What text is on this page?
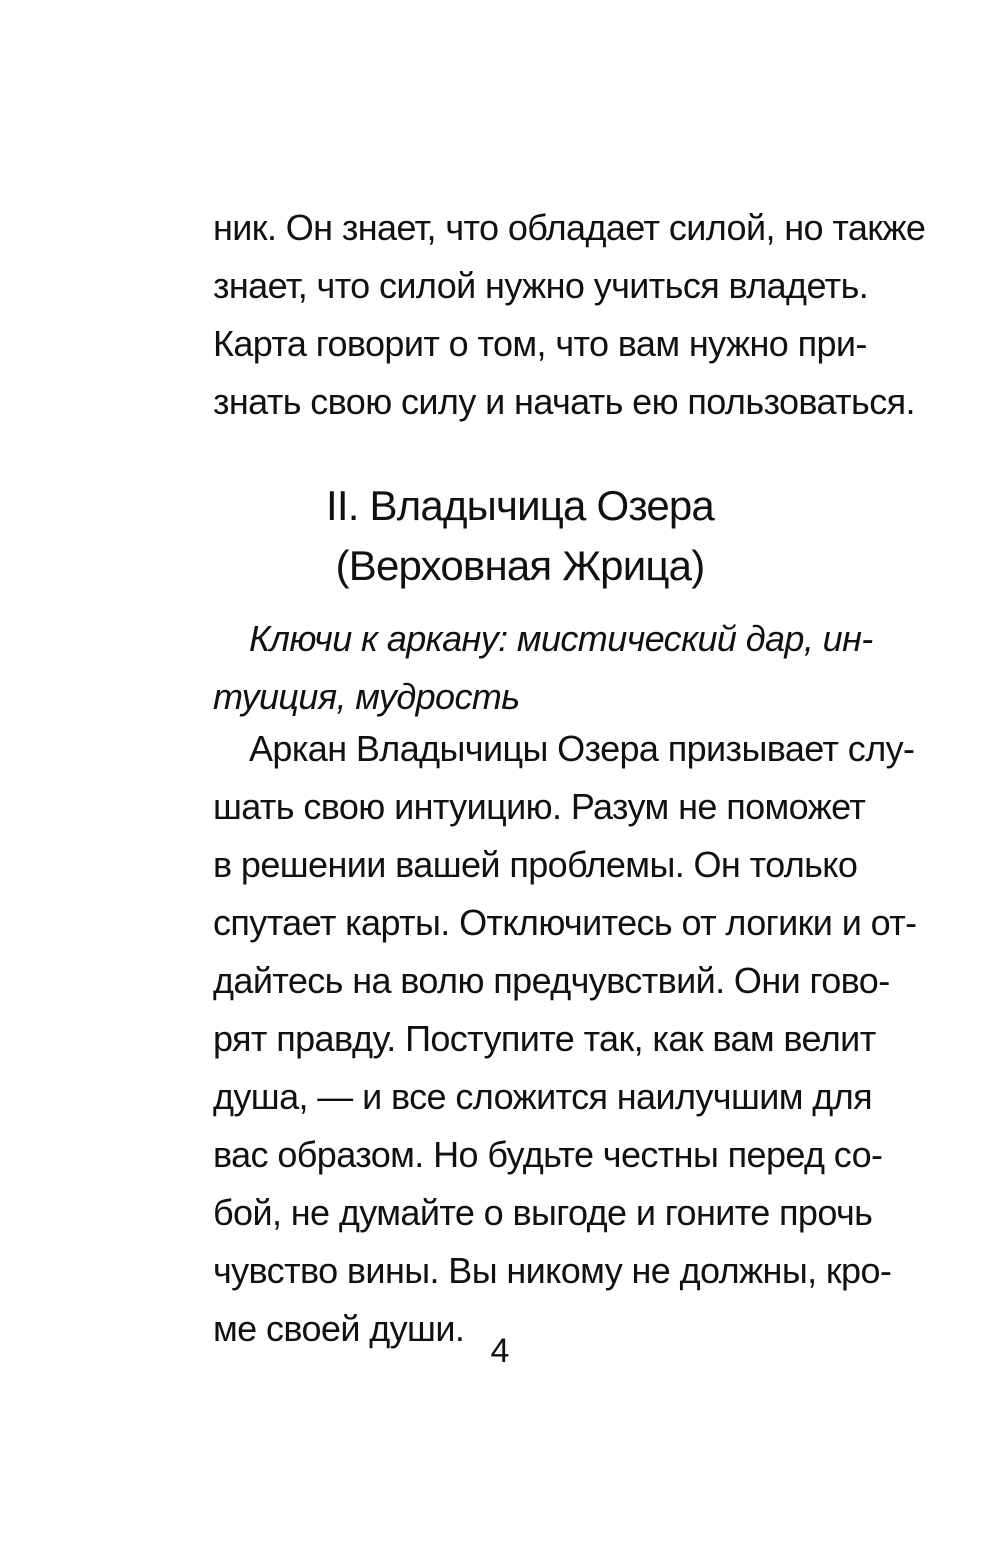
ник. Он знает, что обладает силой, но также
знает, что силой нужно учиться владеть.
Карта говорит о том, что вам нужно при-
знать свою силу и начать ею пользоваться.
II. Владычица Озера
(Верховная Жрица)
Ключи к аркану: мистический дар, ин-
туиция, мудрость
Аркан Владычицы Озера призывает слу-
шать свою интуицию. Разум не поможет
в решении вашей проблемы. Он только
спутает карты. Отключитесь от логики и от-
дайтесь на волю предчувствий. Они гово-
рят правду. Поступите так, как вам велит
душа, — и все сложится наилучшим для
вас образом. Но будьте честны перед со-
бой, не думайте о выгоде и гоните прочь
чувство вины. Вы никому не должны, кро-
ме своей души.
4
